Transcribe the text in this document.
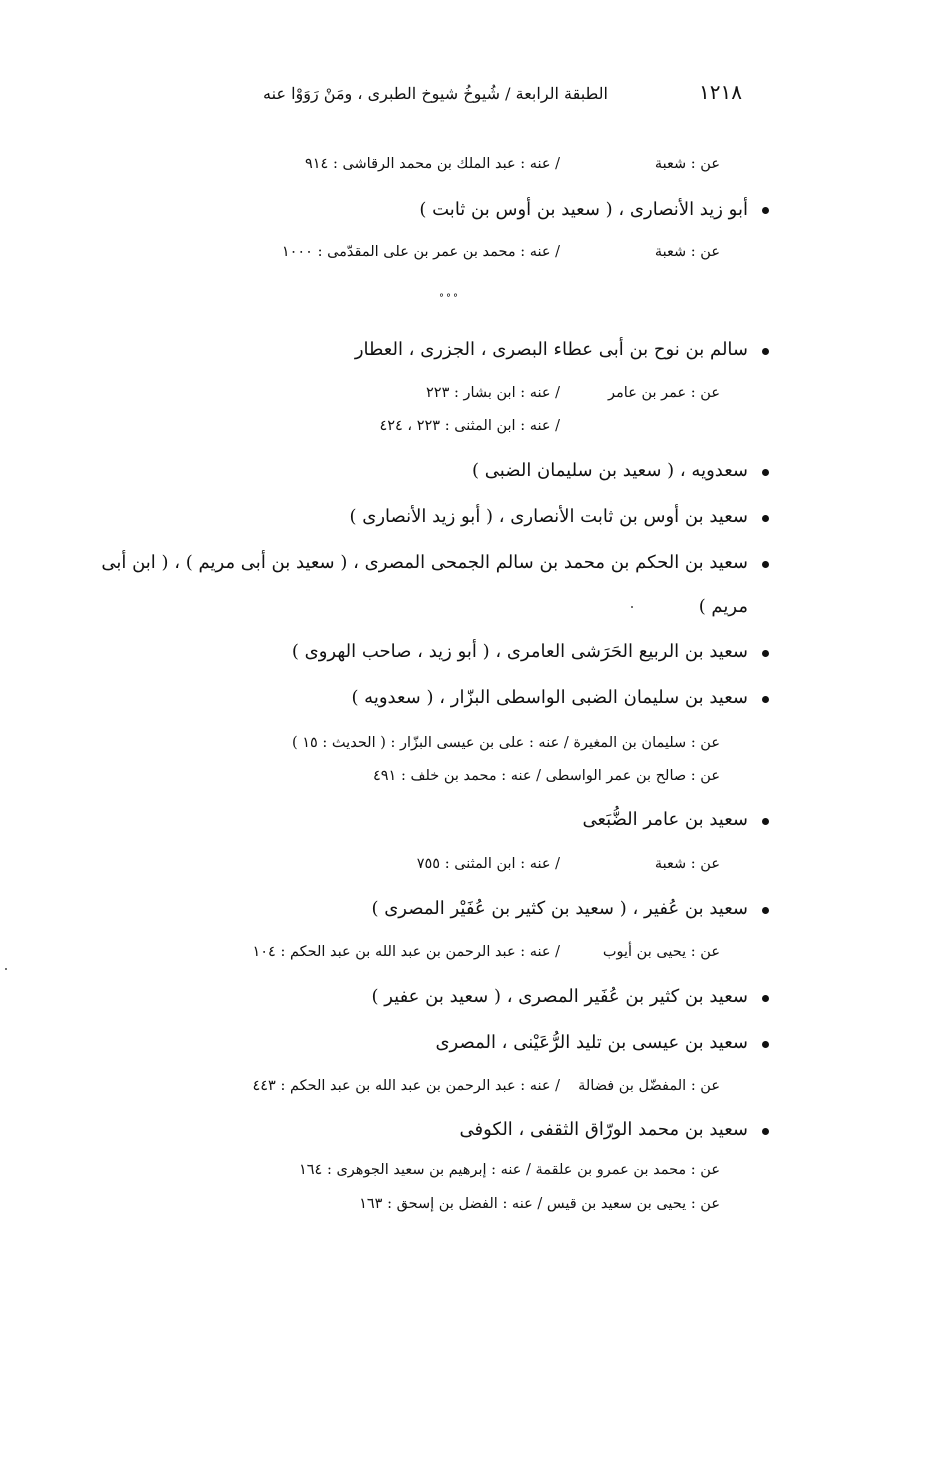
١٢١٨
الطبقة الرابعة / شُيوخُ شيوخ الطبرى ، ومَنْ رَوَوْا عنه
عن : شعبة
/ عنه : عبد الملك بن محمد الرقاشى : ٩١٤
أبو زيد الأنصارى ، ( سعيد بن أوس بن ثابت )
عن : شعبة
/ عنه : محمد بن عمر بن على المقدّمى : ١٠٠٠
°°°
سالم بن نوح بن أبى عطاء البصرى ، الجزرى ، العطار
عن : عمر بن عامر
/ عنه : ابن بشار : ٢٢٣
/ عنه : ابن المثنى : ٢٢٣ ، ٤٢٤
سعدويه ، ( سعيد بن سليمان الضبى )
سعيد بن أوس بن ثابت الأنصارى ، ( أبو زيد الأنصارى )
سعيد بن الحكم بن محمد بن سالم الجمحى المصرى ، ( سعيد بن أبى مريم ) ، ( ابن أبى
مريم )
سعيد بن الربيع الحَرَشى العامرى ، ( أبو زيد ، صاحب الهروى )
سعيد بن سليمان الضبى الواسطى البزّار ، ( سعدويه )
عن : سليمان بن المغيرة / عنه : على بن عيسى البزّار : ( الحديث : ١٥ )
عن : صالح بن عمر الواسطى / عنه : محمد بن خلف : ٤٩١
سعيد بن عامر الضُّبَعى
عن : شعبة
/ عنه : ابن المثنى : ٧٥٥
سعيد بن عُفير ، ( سعيد بن كثير بن عُفَيْر المصرى )
عن : يحيى بن أيوب
/ عنه : عبد الرحمن بن عبد الله بن عبد الحكم : ١٠٤
سعيد بن كثير بن عُفَير المصرى ، ( سعيد بن عفير )
سعيد بن عيسى بن تليد الرُّعَيْنى ، المصرى
عن : المفضّل بن فضالة
/ عنه : عبد الرحمن بن عبد الله بن عبد الحكم : ٤٤٣
سعيد بن محمد الورّاق الثقفى ، الكوفى
عن : محمد بن عمرو بن علقمة / عنه : إبرهيم بن سعيد الجوهرى : ١٦٤
عن : يحيى بن سعيد بن قيس / عنه : الفضل بن إسحق : ١٦٣
